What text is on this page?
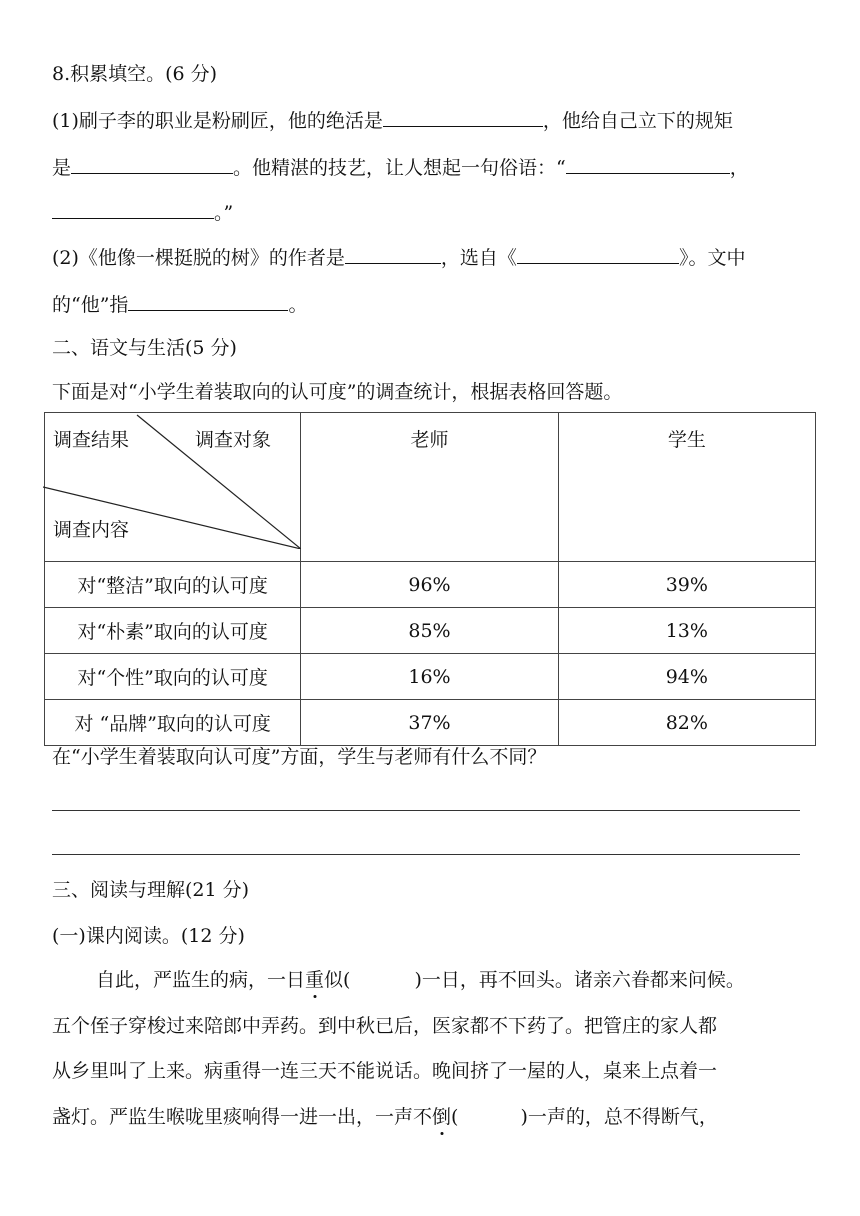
8.积累填空。(6 分)
(1)刷子李的职业是粉刷匠，他的绝活是	，他给自己立下的规矩
是	。他精湛的技艺，让人想起一句俗语：“	，
。”
(2)《他像一棵挺脱的树》的作者是	，选自《	》。文中
的“他”指	。
二、语文与生活(5 分)
下面是对“小学生着装取向的认可度”的调查统计，根据表格回答题。
调查结果 调查对象
调查内容	老师	学生
对“整洁”取向的认可度	96%	39%
对“朴素”取向的认可度	85%	13%
对“个性”取向的认可度	16%	94%
对 “品牌”取向的认可度	37%	82%
在“小学生着装取向认可度”方面，学生与老师有什么不同？
三、阅读与理解(21 分)
(一)课内阅读。(12 分)
自此，严监生的病，一日重似(	)一日，再不回头。诸亲六眷都来问候。
五个侄子穿梭过来陪郎中弄药。到中秋已后，医家都不下药了。把管庄的家人都
从乡里叫了上来。病重得一连三天不能说话。晚间挤了一屋的人，桌来上点着一
盏灯。严监生喉咙里痰响得一进一出，一声不倒(	)一声的，总不得断气，
